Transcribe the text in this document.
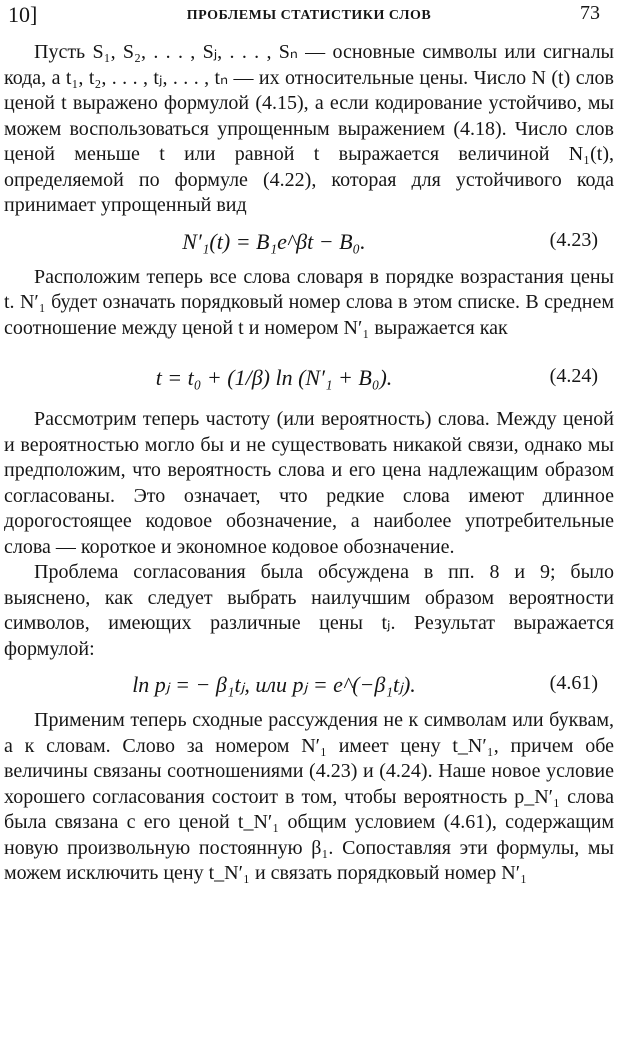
10]	ПРОБЛЕМЫ СТАТИСТИКИ СЛОВ	73

Пусть S₁, S₂, . . . , Sⱼ, . . . , Sₙ — основные символы или сигналы кода, а t₁, t₂, . . . , tⱼ, . . . , tₙ — их относительные цены. Число N (t) слов ценой t выражено формулой (4.15), а если кодирование устойчиво, мы можем воспользоваться упрощенным выражением (4.18). Число слов ценой меньше t или равной t выражается величиной N₁(t), определяемой по формуле (4.22), которая для устойчивого кода принимает упрощенный вид

N′₁(t) = B₁e^βt − B₀.	(4.23)

Расположим теперь все слова словаря в порядке возрастания цены t. N′₁ будет означать порядковый номер слова в этом списке. В среднем соотношение между ценой t и номером N′₁ выражается как

t = t₀ + (1/β) ln (N′₁ + B₀).	(4.24)

Рассмотрим теперь частоту (или вероятность) слова. Между ценой и вероятностью могло бы и не существовать никакой связи, однако мы предположим, что вероятность слова и его цена надлежащим образом согласованы. Это означает, что редкие слова имеют длинное дорогостоящее кодовое обозначение, а наиболее употребительные слова — короткое и экономное кодовое обозначение.

Проблема согласования была обсуждена в пп. 8 и 9; было выяснено, как следует выбрать наилучшим образом вероятности символов, имеющих различные цены tⱼ. Результат выражается формулой:

ln pⱼ = − β₁tⱼ, или pⱼ = e^(−β₁tⱼ).	(4.61)

Применим теперь сходные рассуждения не к символам или буквам, а к словам. Слово за номером N′₁ имеет цену t_N′₁, причем обе величины связаны соотношениями (4.23) и (4.24). Наше новое условие хорошего согласования состоит в том, чтобы вероятность p_N′₁ слова была связана с его ценой t_N′₁ общим условием (4.61), содержащим новую произвольную постоянную β₁. Сопоставляя эти формулы, мы можем исключить цену t_N′₁ и связать порядковый номер N′₁
